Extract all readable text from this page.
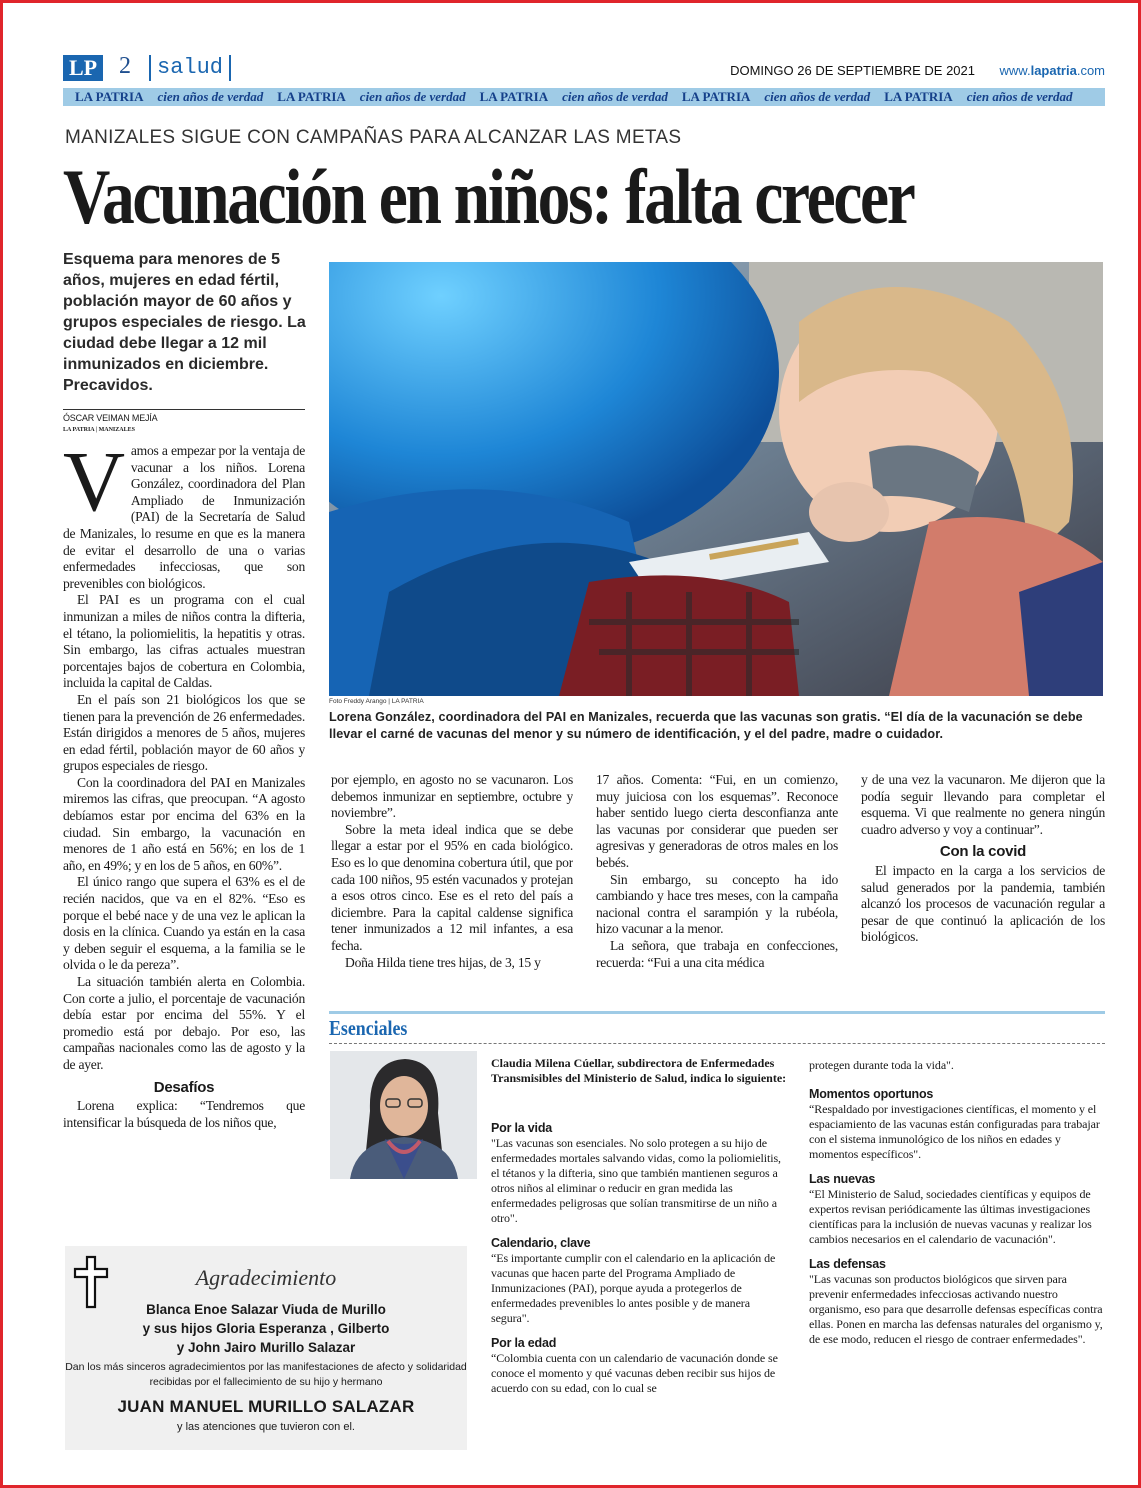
LP 2	salud	DOMINGO 26 DE SEPTIEMBRE DE 2021 www.lapatria.com
LA PATRIA cien años de verdad LA PATRIA cien años de verdad LA PATRIA cien años de verdad LA PATRIA cien años de verdad LA PATRIA cien años de verdad
MANIZALES SIGUE CON CAMPAÑAS PARA ALCANZAR LAS METAS
Vacunación en niños: falta crecer
Esquema para menores de 5 años, mujeres en edad fértil, población mayor de 60 años y grupos especiales de riesgo. La ciudad debe llegar a 12 mil inmunizados en diciembre. Precavidos.
ÓSCAR VEIMAN MEJÍA
LA PATRIA | MANIZALES

Vamos a empezar por la ventaja de vacunar a los niños. Lorena González, coordinadora del Plan Ampliado de Inmunización (PAI) de la Secretaría de Salud de Manizales, lo resume en que es la manera de evitar el desarrollo de una o varias enfermedades infecciosas, que son prevenibles con biológicos.

El PAI es un programa con el cual inmunizan a miles de niños contra la difteria, el tétano, la poliomielitis, la hepatitis y otras. Sin embargo, las cifras actuales muestran porcentajes bajos de cobertura en Colombia, incluida la capital de Caldas.

En el país son 21 biológicos los que se tienen para la prevención de 26 enfermedades. Están dirigidos a menores de 5 años, mujeres en edad fértil, población mayor de 60 años y grupos especiales de riesgo.

Con la coordinadora del PAI en Manizales miremos las cifras, que preocupan. “A agosto debíamos estar por encima del 63% en la ciudad. Sin embargo, la vacunación en menores de 1 año está en 56%; en los de 1 año, en 49%; y en los de 5 años, en 60%”.

El único rango que supera el 63% es el de recién nacidos, que va en el 82%. “Eso es porque el bebé nace y de una vez le aplican la dosis en la clínica. Cuando ya están en la casa y deben seguir el esquema, a la familia se le olvida o le da pereza”.

La situación también alerta en Colombia. Con corte a julio, el porcentaje de vacunación debía estar por encima del 55%. Y el promedio está por debajo. Por eso, las campañas nacionales como las de agosto y la de ayer.

Desafíos

Lorena explica: “Tendremos que intensificar la búsqueda de los niños que,

Foto Freddy Arango | LA PATRIA
Lorena González, coordinadora del PAI en Manizales, recuerda que las vacunas son gratis. “El día de la vacunación se debe llevar el carné de vacunas del menor y su número de identificación, y el del padre, madre o cuidador.

por ejemplo, en agosto no se vacunaron. Los debemos inmunizar en septiembre, octubre y noviembre”.

Sobre la meta ideal indica que se debe llegar a estar por el 95% en cada biológico. Eso es lo que denomina cobertura útil, que por cada 100 niños, 95 estén vacunados y protejan a esos otros cinco. Ese es el reto del país a diciembre. Para la capital caldense significa tener inmunizados a 12 mil infantes, a esa fecha.

Doña Hilda tiene tres hijas, de 3, 15 y

17 años. Comenta: “Fui, en un comienzo, muy juiciosa con los esquemas”. Reconoce haber sentido luego cierta desconfianza ante las vacunas por considerar que pueden ser agresivas y generadoras de otros males en los bebés.

Sin embargo, su concepto ha ido cambiando y hace tres meses, con la campaña nacional contra el sarampión y la rubéola, hizo vacunar a la menor.

La señora, que trabaja en confecciones, recuerda: “Fui a una cita médica

y de una vez la vacunaron. Me dijeron que la podía seguir llevando para completar el esquema. Vi que realmente no genera ningún cuadro adverso y voy a continuar”.

Con la covid

El impacto en la carga a los servicios de salud generados por la pandemia, también alcanzó los procesos de vacunación regular a pesar de que continuó la aplicación de los biológicos.

Esenciales
Claudia Milena Cúellar, subdirectora de Enfermedades Transmisibles del Ministerio de Salud, indica lo siguiente:
Por la vida

"Las vacunas son esenciales. No solo protegen a su hijo de enfermedades mortales salvando vidas, como la poliomielitis, el tétanos y la difteria, sino que también mantienen seguros a otros niños al eliminar o reducir en gran medida las enfermedades peligrosas que solían transmitirse de un niño a otro".

Calendario, clave

“Es importante cumplir con el calendario en la aplicación de vacunas que hacen parte del Programa Ampliado de Inmunizaciones (PAI), porque ayuda a protegerlos de enfermedades prevenibles lo antes posible y de manera segura".

Por la edad

“Colombia cuenta con un calendario de vacunación donde se conoce el momento y qué vacunas deben recibir sus hijos de acuerdo con su edad, con lo cual se

protegen durante toda la vida".

Momentos oportunos

“Respaldado por investigaciones científicas, el momento y el espaciamiento de las vacunas están configuradas para trabajar con el sistema inmunológico de los niños en edades y momentos específicos".

Las nuevas

“El Ministerio de Salud, sociedades científicas y equipos de expertos revisan periódicamente las últimas investigaciones científicas para la inclusión de nuevas vacunas y realizar los cambios necesarios en el calendario de vacunación".

Las defensas

"Las vacunas son productos biológicos que sirven para prevenir enfermedades infecciosas activando nuestro organismo, eso para que desarrolle defensas específicas contra ellas. Ponen en marcha las defensas naturales del organismo y, de ese modo, reducen el riesgo de contraer enfermedades".

Agradecimiento
Blanca Enoe Salazar Viuda de Murillo
y sus hijos Gloria Esperanza , Gilberto
y John Jairo Murillo Salazar
Dan los más sinceros agradecimientos por las manifestaciones de afecto y solidaridad recibidas por el fallecimiento de su hijo y hermano
JUAN MANUEL MURILLO SALAZAR
y las atenciones que tuvieron con el.
